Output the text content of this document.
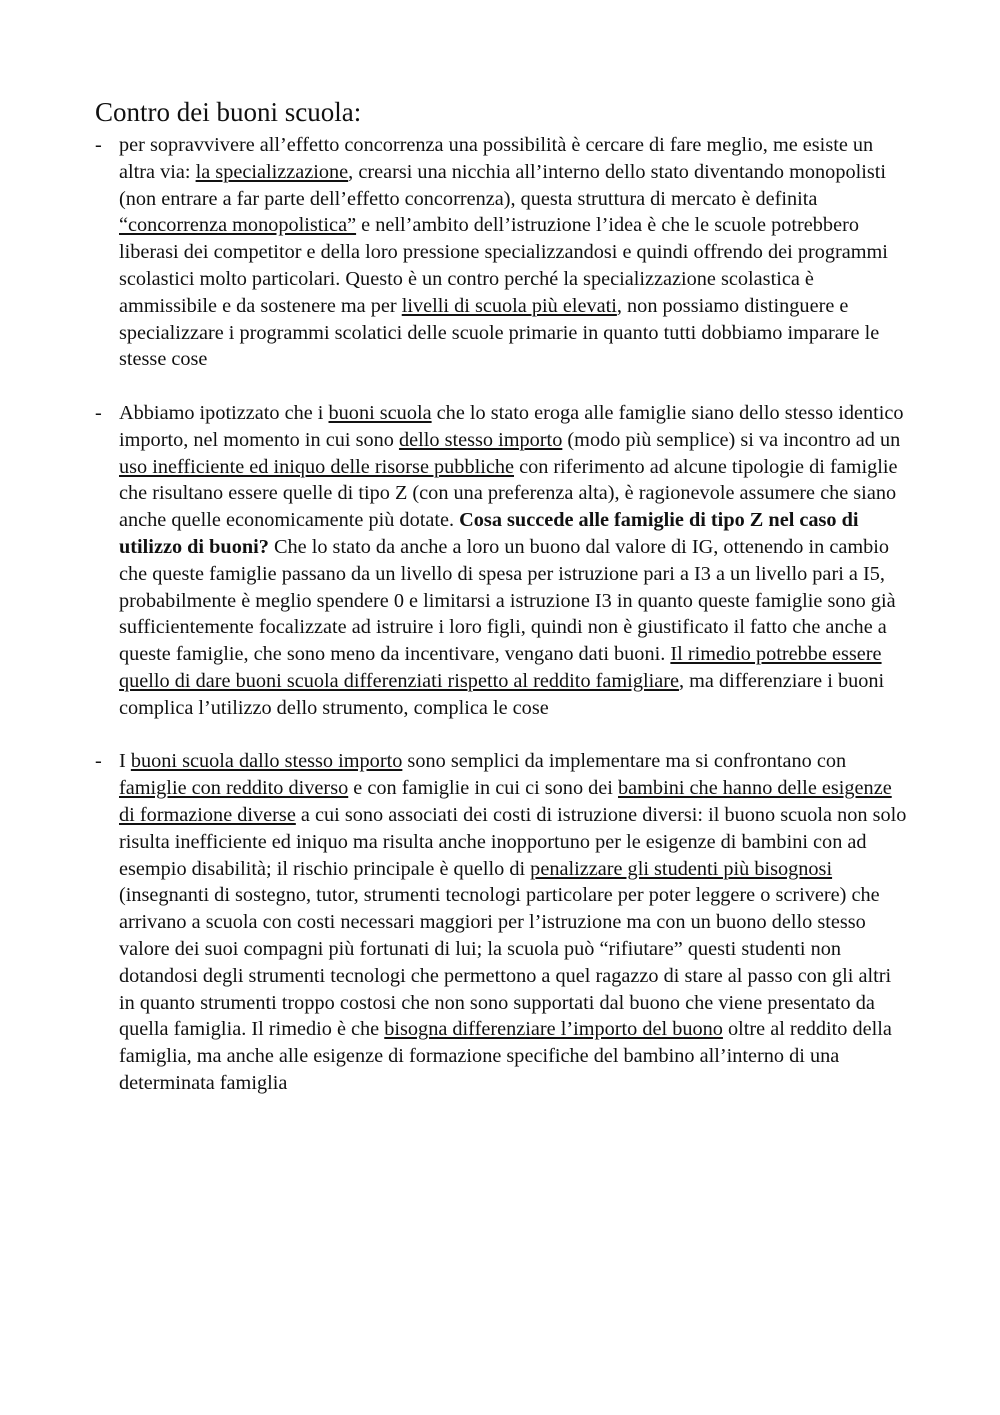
Contro dei buoni scuola:
- per sopravvivere all’effetto concorrenza una possibilità è cercare di fare meglio, me esiste un altra via: la specializzazione, crearsi una nicchia all’interno dello stato diventando monopolisti (non entrare a far parte dell’effetto concorrenza), questa struttura di mercato è definita “concorrenza monopolistica” e nell’ambito dell’istruzione l’idea è che le scuole potrebbero liberasi dei competitor e della loro pressione specializzandosi e quindi offrendo dei programmi scolastici molto particolari. Questo è un contro perché la specializzazione scolastica è ammissibile e da sostenere ma per livelli di scuola più elevati, non possiamo distinguere e specializzare i programmi scolatici delle scuole primarie in quanto tutti dobbiamo imparare le stesse cose
- Abbiamo ipotizzato che i buoni scuola che lo stato eroga alle famiglie siano dello stesso identico importo, nel momento in cui sono dello stesso importo (modo più semplice) si va incontro ad un uso inefficiente ed iniquo delle risorse pubbliche con riferimento ad alcune tipologie di famiglie che risultano essere quelle di tipo Z (con una preferenza alta), è ragionevole assumere che siano anche quelle economicamente più dotate. Cosa succede alle famiglie di tipo Z nel caso di utilizzo di buoni? Che lo stato da anche a loro un buono dal valore di IG, ottenendo in cambio che queste famiglie passano da un livello di spesa per istruzione pari a I3 a un livello pari a I5, probabilmente è meglio spendere 0 e limitarsi a istruzione I3 in quanto queste famiglie sono già sufficientemente focalizzate ad istruire i loro figli, quindi non è giustificato il fatto che anche a queste famiglie, che sono meno da incentivare, vengano dati buoni. Il rimedio potrebbe essere quello di dare buoni scuola differenziati rispetto al reddito famigliare, ma differenziare i buoni complica l’utilizzo dello strumento, complica le cose
- I buoni scuola dallo stesso importo sono semplici da implementare ma si confrontano con famiglie con reddito diverso e con famiglie in cui ci sono dei bambini che hanno delle esigenze di formazione diverse a cui sono associati dei costi di istruzione diversi: il buono scuola non solo risulta inefficiente ed iniquo ma risulta anche inopportuno per le esigenze di bambini con ad esempio disabilità; il rischio principale è quello di penalizzare gli studenti più bisognosi (insegnanti di sostegno, tutor, strumenti tecnologi particolare per poter leggere o scrivere) che arrivano a scuola con costi necessari maggiori per l’istruzione ma con un buono dello stesso valore dei suoi compagni più fortunati di lui; la scuola può “rifiutare” questi studenti non dotandosi degli strumenti tecnologi che permettono a quel ragazzo di stare al passo con gli altri in quanto strumenti troppo costosi che non sono supportati dal buono che viene presentato da quella famiglia. Il rimedio è che bisogna differenziare l’importo del buono oltre al reddito della famiglia, ma anche alle esigenze di formazione specifiche del bambino all’interno di una determinata famiglia
